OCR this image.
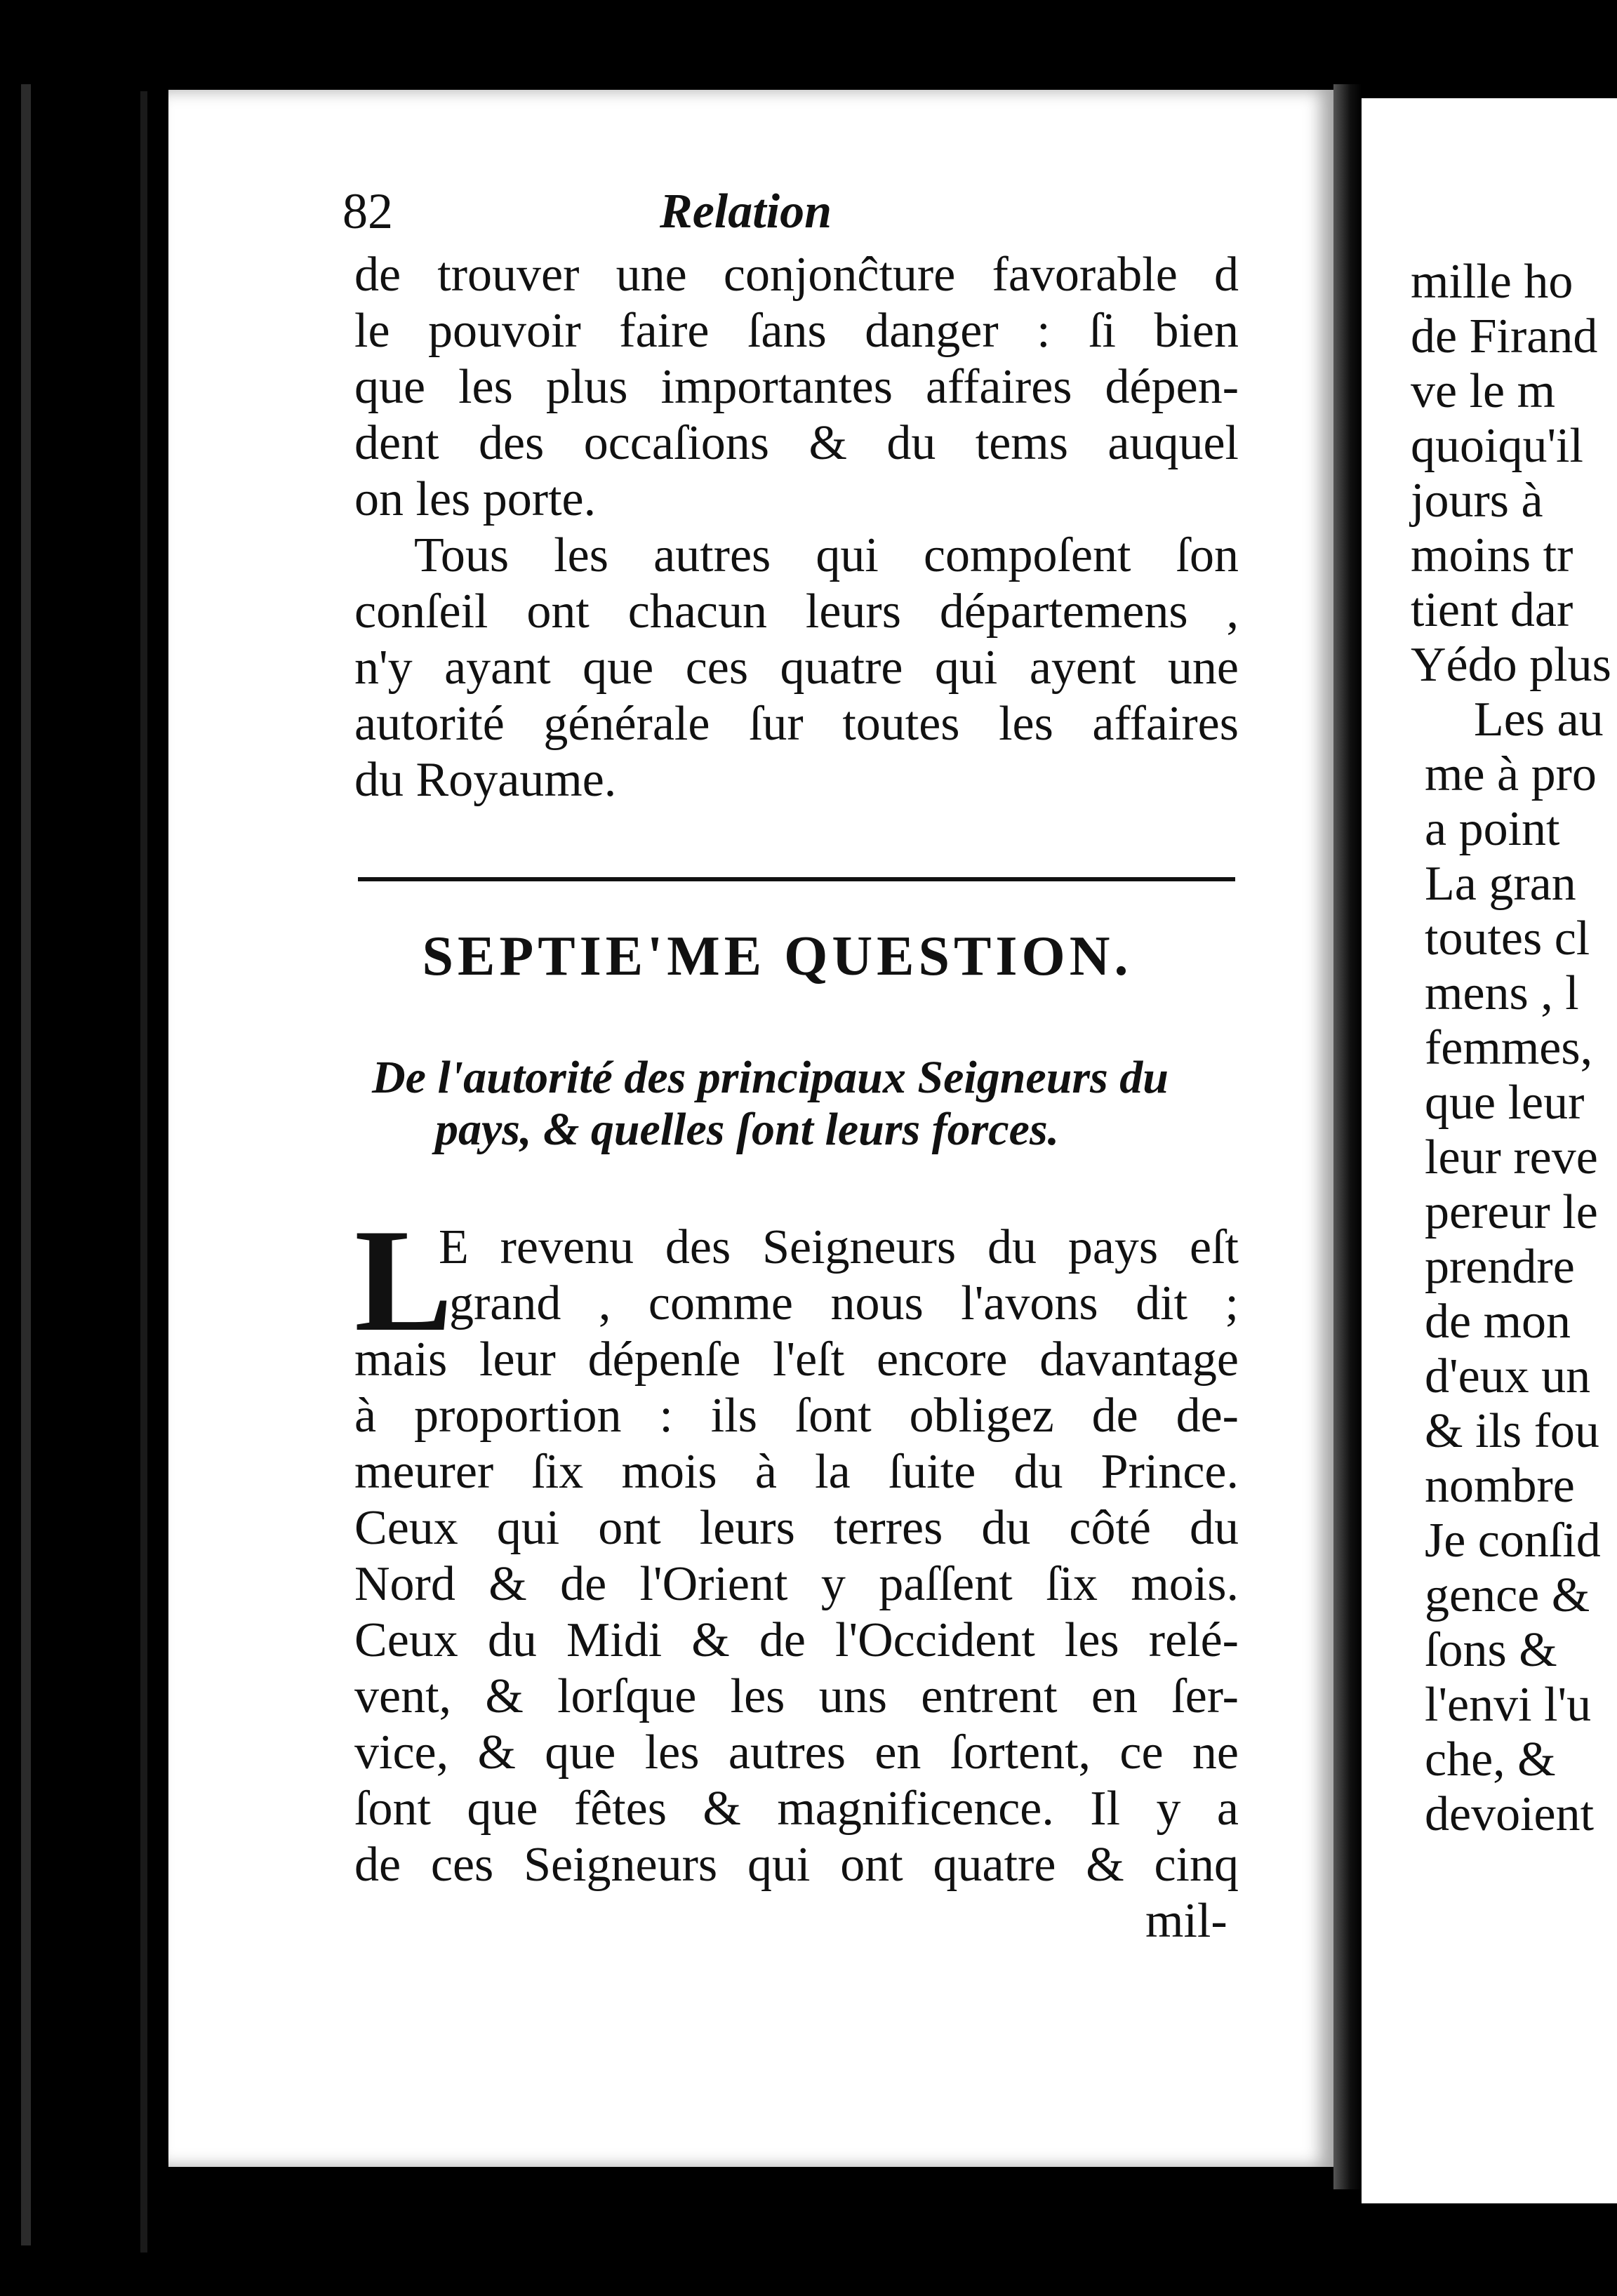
82	Relation
de trouver une conjonĉture favorable d
le pouvoir faire ſans danger : ſi bien
que les plus importantes affaires dépen-
dent des occaſions & du tems auquel
on les porte.
Tous les autres qui compoſent ſon
conſeil ont chacun leurs départemens ,
n'y ayant que ces quatre qui ayent une
autorité générale ſur toutes les affaires
du Royaume.
SEPTIE'ME QUESTION.
De l'autorité des principaux Seigneurs du
pays, & quelles ſont leurs forces.
L
E revenu des Seigneurs du pays eſt
grand , comme nous l'avons dit ;
mais leur dépenſe l'eſt encore davantage
à proportion : ils ſont obligez de de-
meurer ſix mois à la ſuite du Prince.
Ceux qui ont leurs terres du côté du
Nord & de l'Orient y paſſent ſix mois.
Ceux du Midi & de l'Occident les relé-
vent, & lorſque les uns entrent en ſer-
vice, & que les autres en ſortent, ce ne
ſont que fêtes & magnificence. Il y a
de ces Seigneurs qui ont quatre & cinq
mil-
mille ho
de Firand
ve le m
quoiqu'il
jours à
moins tr
tient dar
Yédo plus
Les au
me à pro
a point
La gran
toutes cl
mens , l
femmes,
que leur
leur reve
pereur le
prendre
de mon
d'eux un
& ils fou
nombre
Je conſid
gence &
ſons &
l'envi l'u
che, &
devoient
